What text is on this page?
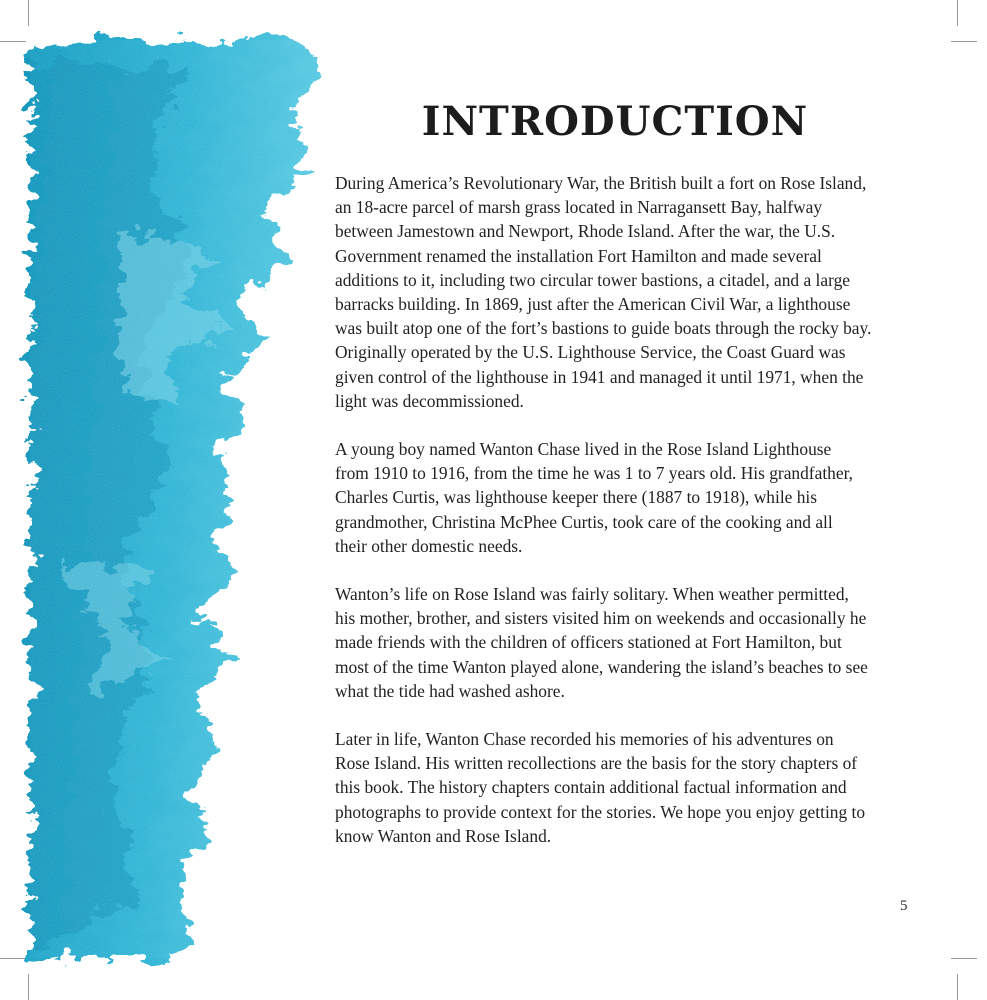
INTRODUCTION

During America’s Revolutionary War, the British built a fort on Rose Island,
an 18-acre parcel of marsh grass located in Narragansett Bay, halfway
between Jamestown and Newport, Rhode Island. After the war, the U.S.
Government renamed the installation Fort Hamilton and made several
additions to it, including two circular tower bastions, a citadel, and a large
barracks building. In 1869, just after the American Civil War, a lighthouse
was built atop one of the fort’s bastions to guide boats through the rocky bay.
Originally operated by the U.S. Lighthouse Service, the Coast Guard was
given control of the lighthouse in 1941 and managed it until 1971, when the
light was decommissioned.

A young boy named Wanton Chase lived in the Rose Island Lighthouse
from 1910 to 1916, from the time he was 1 to 7 years old. His grandfather,
Charles Curtis, was lighthouse keeper there (1887 to 1918), while his
grandmother, Christina McPhee Curtis, took care of the cooking and all
their other domestic needs.

Wanton’s life on Rose Island was fairly solitary. When weather permitted,
his mother, brother, and sisters visited him on weekends and occasionally he
made friends with the children of officers stationed at Fort Hamilton, but
most of the time Wanton played alone, wandering the island’s beaches to see
what the tide had washed ashore.

Later in life, Wanton Chase recorded his memories of his adventures on
Rose Island. His written recollections are the basis for the story chapters of
this book. The history chapters contain additional factual information and
photographs to provide context for the stories. We hope you enjoy getting to
know Wanton and Rose Island.

5
